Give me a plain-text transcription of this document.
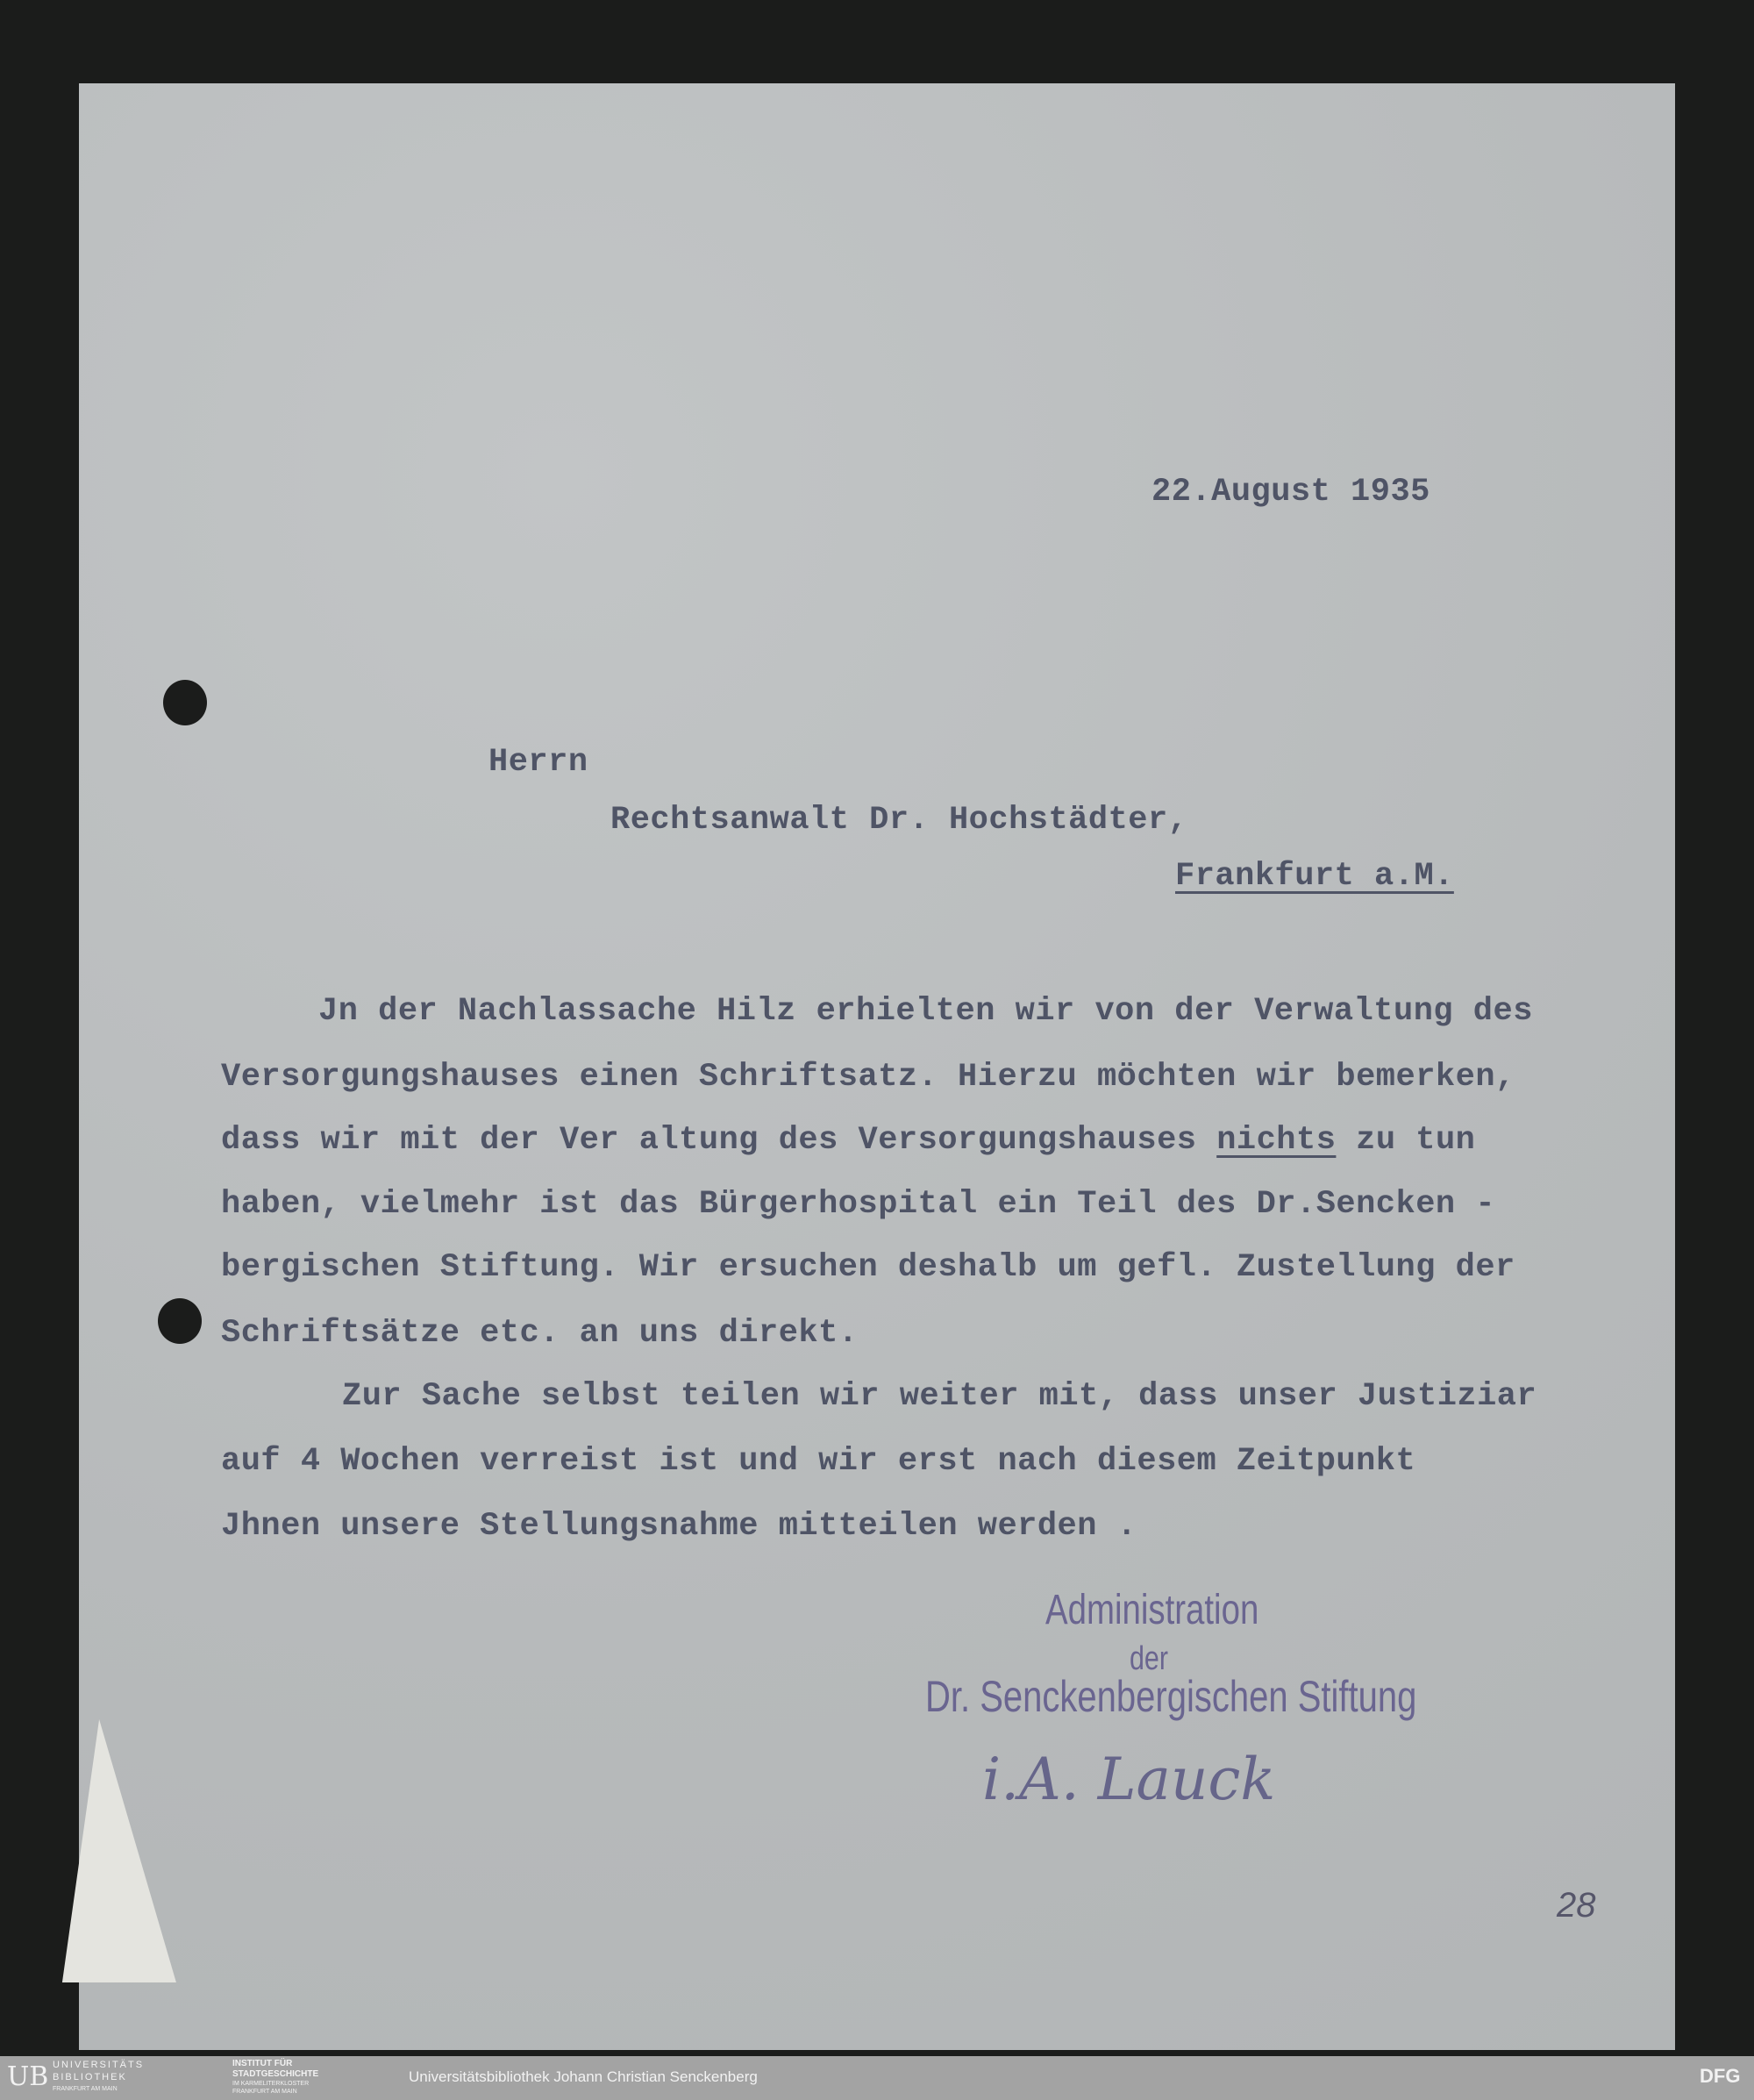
22.August 1935
Herrn
Rechtsanwalt Dr. Hochstädter,
Frankfurt a.M.
Jn der Nachlassache Hilz erhielten wir von der Verwaltung des
Versorgungshauses einen Schriftsatz. Hierzu möchten wir bemerken,
dass wir mit der Ver altung des Versorgungshauses nichts zu tun
haben, vielmehr ist das Bürgerhospital ein Teil des Dr.Sencken -
bergischen Stiftung. Wir ersuchen deshalb um gefl. Zustellung der
Schriftsätze etc. an uns direkt.
Zur Sache selbst teilen wir weiter mit, dass unser Justiziar
auf 4 Wochen verreist ist und wir erst nach diesem Zeitpunkt
Jhnen unsere Stellungsnahme mitteilen werden .
Administration
der
Dr. Senckenbergischen Stiftung
i.A. Lauck
28
UB UNIVERSITÄTS
BIBLIOTHEK
FRANKFURT AM MAIN
INSTITUT FÜR
STADTGESCHICHTE
IM KARMELITERKLOSTER
FRANKFURT AM MAIN
Universitätsbibliothek Johann Christian Senckenberg	DFG
